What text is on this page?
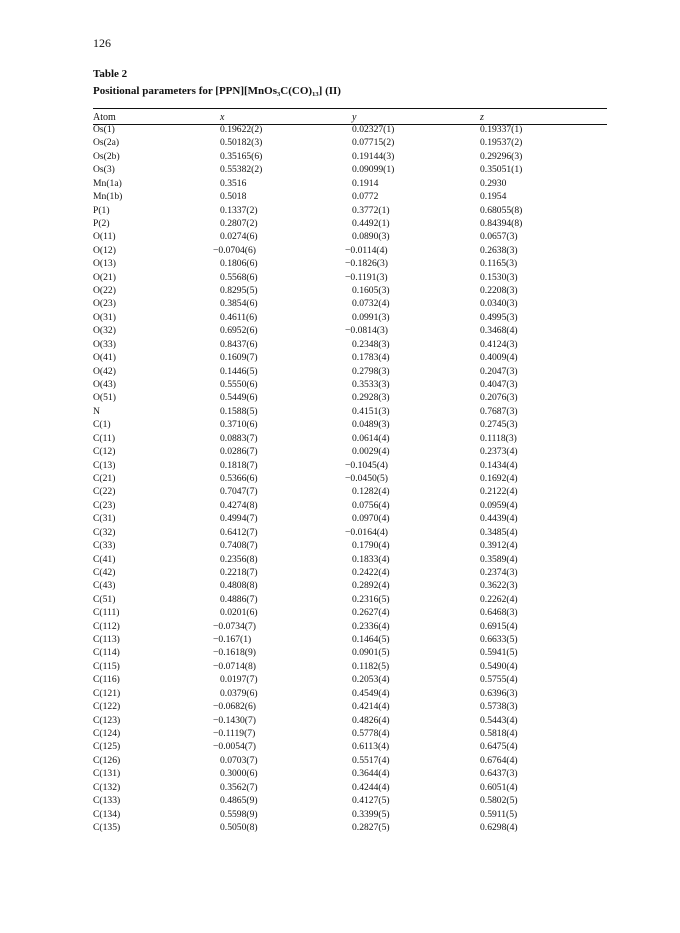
126
Table 2
Positional parameters for [PPN][MnOs₃C(CO)₁₃] (II)
Atom	x	y	z
Os(1)	0.19622(2)	0.02327(1)	0.19337(1)
Os(2a)	0.50182(3)	0.07715(2)	0.19537(2)
Os(2b)	0.35165(6)	0.19144(3)	0.29296(3)
Os(3)	0.55382(2)	0.09099(1)	0.35051(1)
Mn(1a)	0.3516	0.1914	0.2930
Mn(1b)	0.5018	0.0772	0.1954
P(1)	0.1337(2)	0.3772(1)	0.68055(8)
P(2)	0.2807(2)	0.4492(1)	0.84394(8)
O(11)	0.0274(6)	0.0890(3)	0.0657(3)
O(12)	−0.0704(6)	−0.0114(4)	0.2638(3)
O(13)	0.1806(6)	−0.1826(3)	0.1165(3)
O(21)	0.5568(6)	−0.1191(3)	0.1530(3)
O(22)	0.8295(5)	0.1605(3)	0.2208(3)
O(23)	0.3854(6)	0.0732(4)	0.0340(3)
O(31)	0.4611(6)	0.0991(3)	0.4995(3)
O(32)	0.6952(6)	−0.0814(3)	0.3468(4)
O(33)	0.8437(6)	0.2348(3)	0.4124(3)
O(41)	0.1609(7)	0.1783(4)	0.4009(4)
O(42)	0.1446(5)	0.2798(3)	0.2047(3)
O(43)	0.5550(6)	0.3533(3)	0.4047(3)
O(51)	0.5449(6)	0.2928(3)	0.2076(3)
N	0.1588(5)	0.4151(3)	0.7687(3)
C(1)	0.3710(6)	0.0489(3)	0.2745(3)
C(11)	0.0883(7)	0.0614(4)	0.1118(3)
C(12)	0.0286(7)	0.0029(4)	0.2373(4)
C(13)	0.1818(7)	−0.1045(4)	0.1434(4)
C(21)	0.5366(6)	−0.0450(5)	0.1692(4)
C(22)	0.7047(7)	0.1282(4)	0.2122(4)
C(23)	0.4274(8)	0.0756(4)	0.0959(4)
C(31)	0.4994(7)	0.0970(4)	0.4439(4)
C(32)	0.6412(7)	−0.0164(4)	0.3485(4)
C(33)	0.7408(7)	0.1790(4)	0.3912(4)
C(41)	0.2356(8)	0.1833(4)	0.3589(4)
C(42)	0.2218(7)	0.2422(4)	0.2374(3)
C(43)	0.4808(8)	0.2892(4)	0.3622(3)
C(51)	0.4886(7)	0.2316(5)	0.2262(4)
C(111)	0.0201(6)	0.2627(4)	0.6468(3)
C(112)	−0.0734(7)	0.2336(4)	0.6915(4)
C(113)	−0.167(1)	0.1464(5)	0.6633(5)
C(114)	−0.1618(9)	0.0901(5)	0.5941(5)
C(115)	−0.0714(8)	0.1182(5)	0.5490(4)
C(116)	0.0197(7)	0.2053(4)	0.5755(4)
C(121)	0.0379(6)	0.4549(4)	0.6396(3)
C(122)	−0.0682(6)	0.4214(4)	0.5738(3)
C(123)	−0.1430(7)	0.4826(4)	0.5443(4)
C(124)	−0.1119(7)	0.5778(4)	0.5818(4)
C(125)	−0.0054(7)	0.6113(4)	0.6475(4)
C(126)	0.0703(7)	0.5517(4)	0.6764(4)
C(131)	0.3000(6)	0.3644(4)	0.6437(3)
C(132)	0.3562(7)	0.4244(4)	0.6051(4)
C(133)	0.4865(9)	0.4127(5)	0.5802(5)
C(134)	0.5598(9)	0.3399(5)	0.5911(5)
C(135)	0.5050(8)	0.2827(5)	0.6298(4)
